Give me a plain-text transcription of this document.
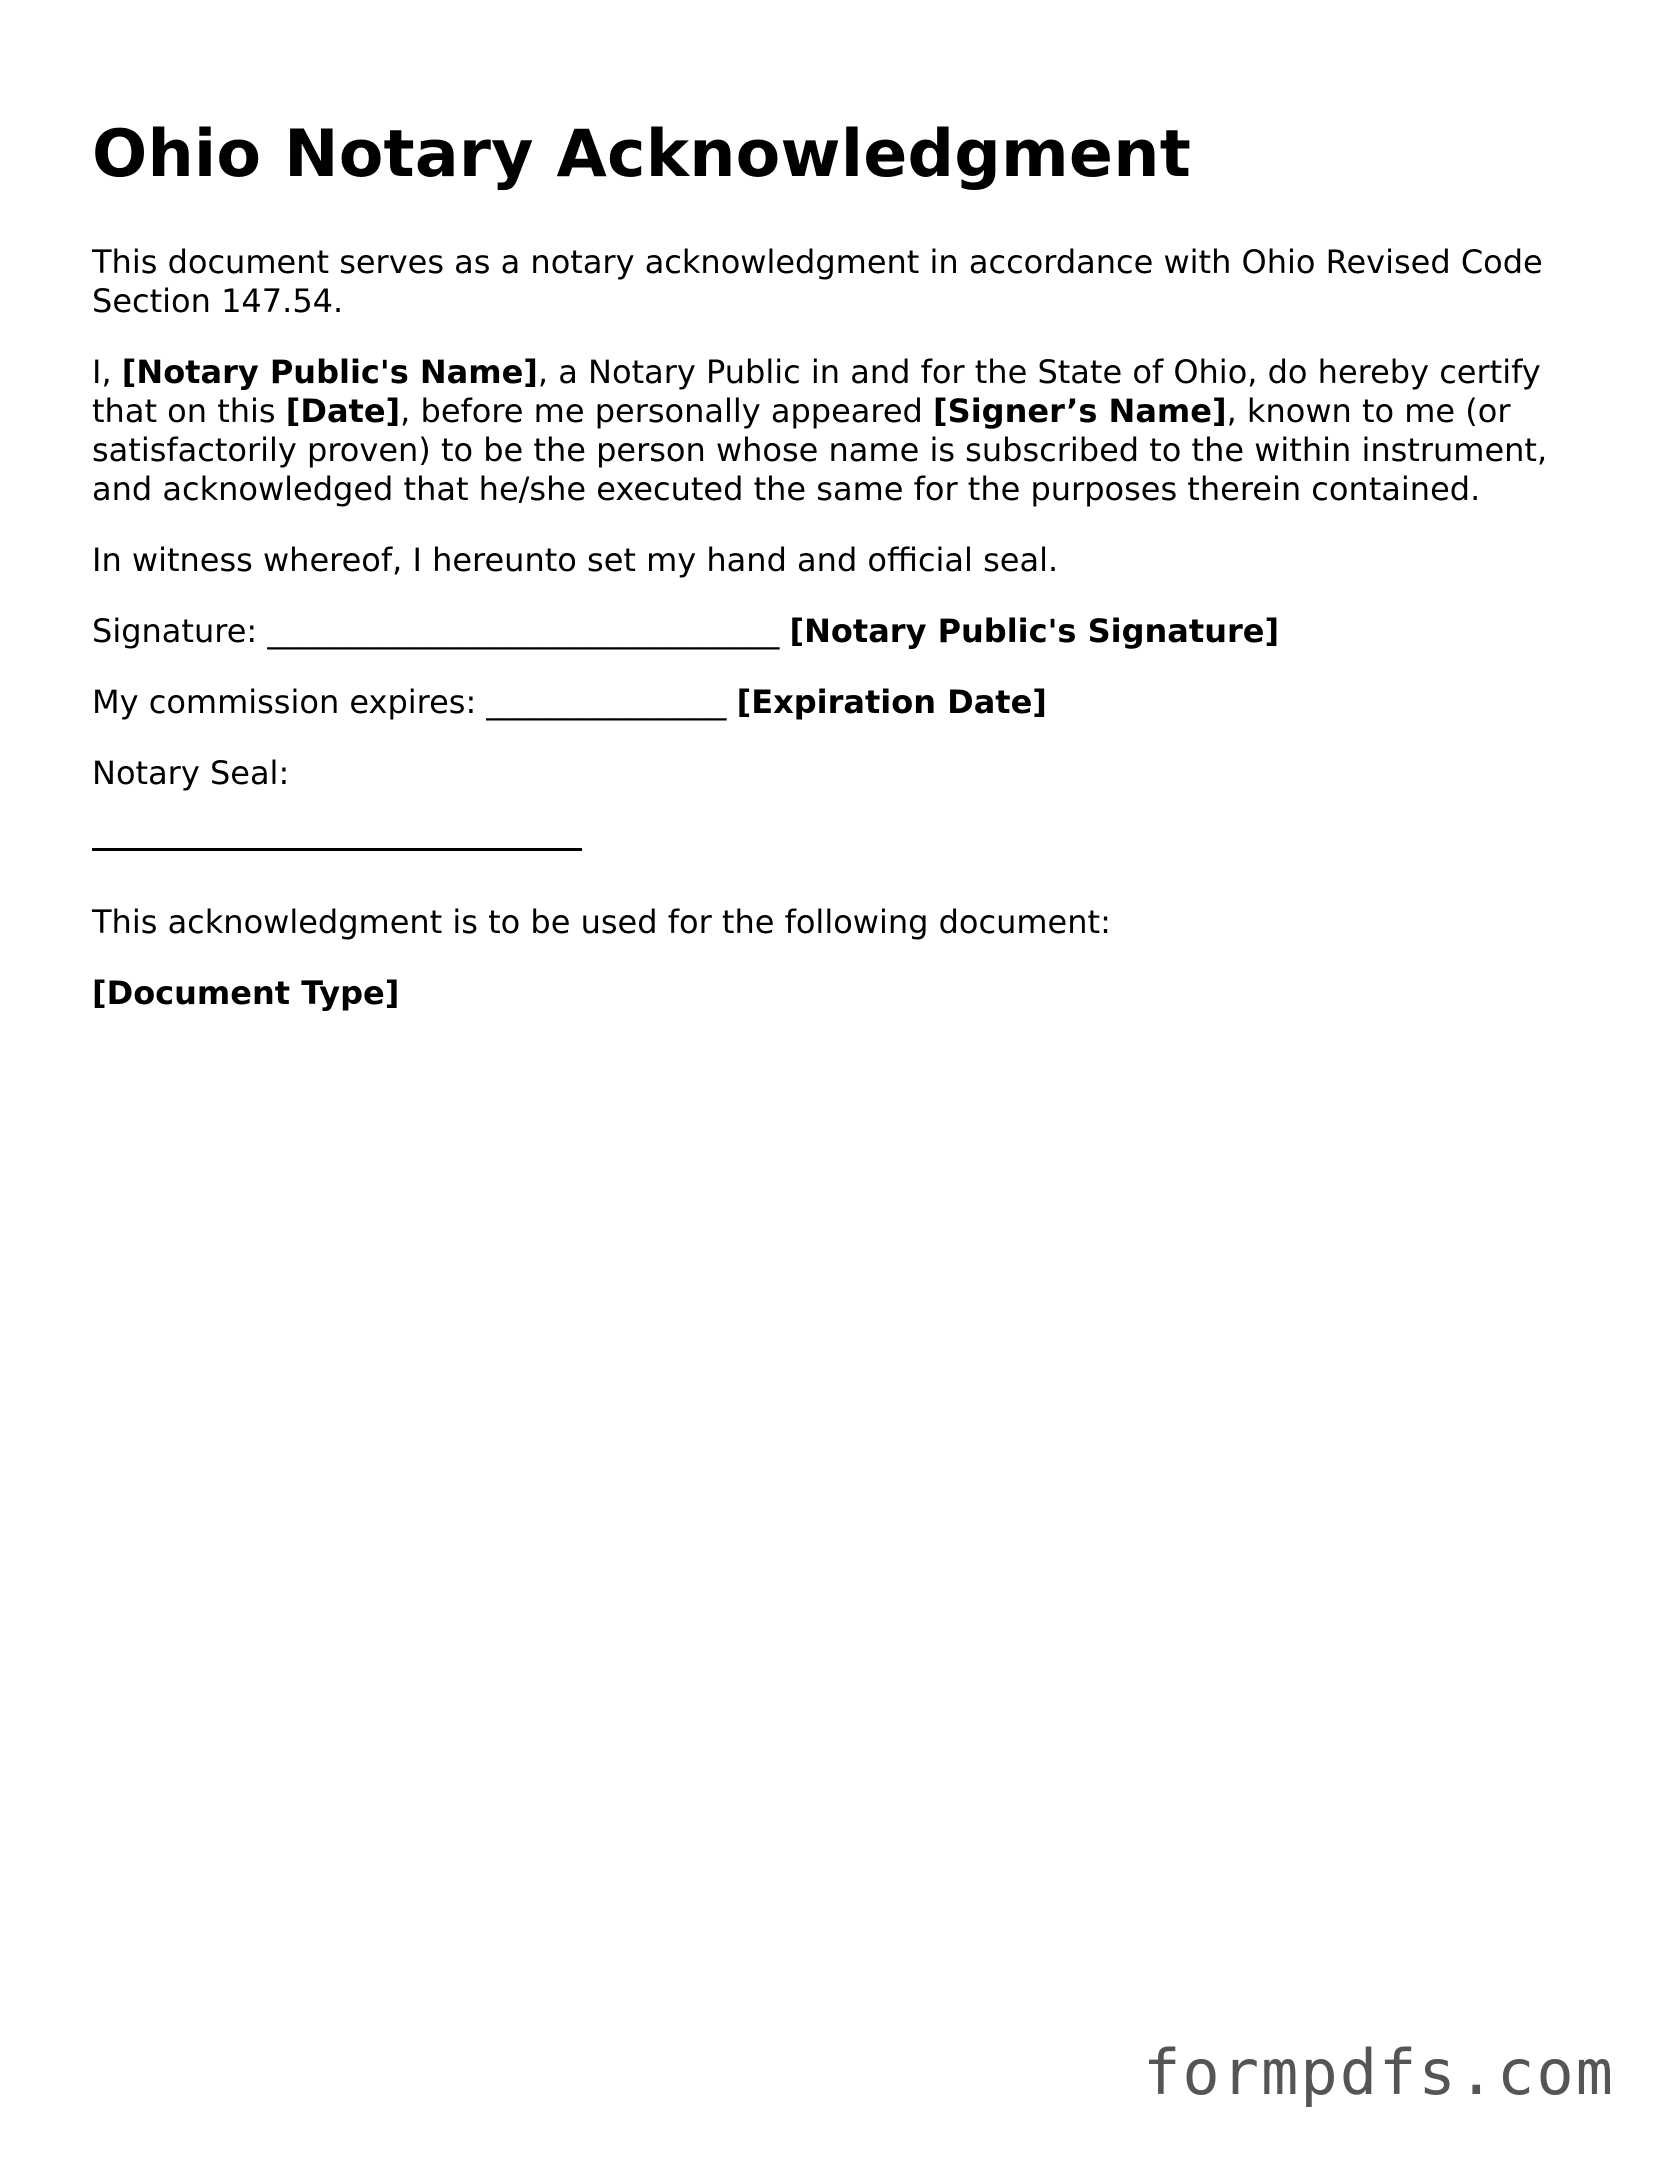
Ohio Notary Acknowledgment

This document serves as a notary acknowledgment in accordance with Ohio Revised Code Section 147.54.

I, [Notary Public's Name], a Notary Public in and for the State of Ohio, do hereby certify that on this [Date], before me personally appeared [Signer’s Name], known to me (or satisfactorily proven) to be the person whose name is subscribed to the within instrument, and acknowledged that he/she executed the same for the purposes therein contained.

In witness whereof, I hereunto set my hand and official seal.

Signature: ________________________________ [Notary Public's Signature]

My commission expires: _______________ [Expiration Date]

Notary Seal:

This acknowledgment is to be used for the following document:

[Document Type]

formpdfs.com
